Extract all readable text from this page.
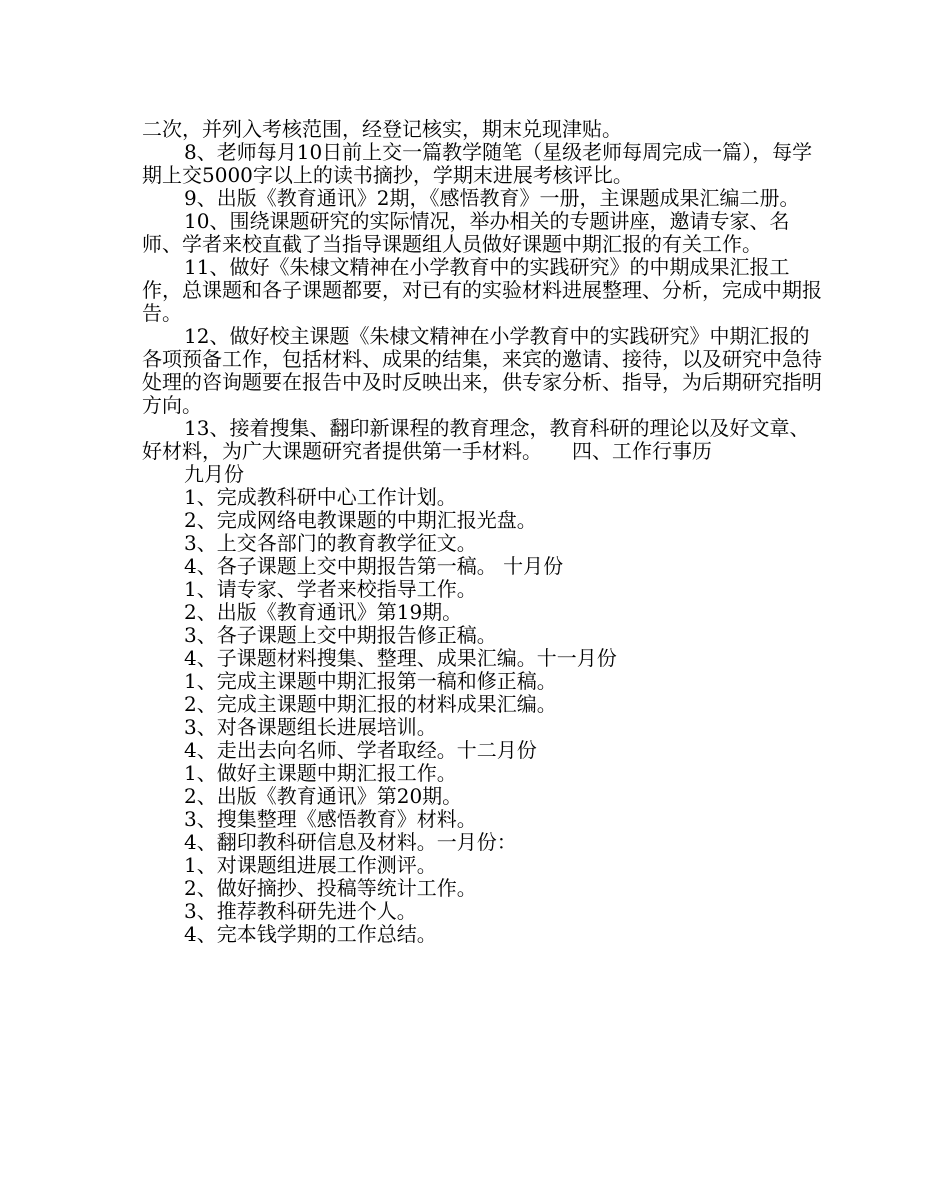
二次，并列入考核范围，经登记核实，期末兑现津贴。

8、老师每月10日前上交一篇教学随笔（星级老师每周完成一篇），每学期上交5000字以上的读书摘抄，学期末进展考核评比。

9、出版《教育通讯》2期，《感悟教育》一册，主课题成果汇编二册。

10、围绕课题研究的实际情况，举办相关的专题讲座，邀请专家、名师、学者来校直截了当指导课题组人员做好课题中期汇报的有关工作。

11、做好《朱棣文精神在小学教育中的实践研究》的中期成果汇报工作，总课题和各子课题都要，对已有的实验材料进展整理、分析，完成中期报告。

12、做好校主课题《朱棣文精神在小学教育中的实践研究》中期汇报的各项预备工作，包括材料、成果的结集，来宾的邀请、接待，以及研究中急待处理的咨询题要在报告中及时反映出来，供专家分析、指导，为后期研究指明方向。

13、接着搜集、翻印新课程的教育理念，教育科研的理论以及好文章、好材料，为广大课题研究者提供第一手材料。　　四、工作行事历

九月份

1、完成教科研中心工作计划。

2、完成网络电教课题的中期汇报光盘。

3、上交各部门的教育教学征文。

4、各子课题上交中期报告第一稿。 十月份

1、请专家、学者来校指导工作。

2、出版《教育通讯》第19期。

3、各子课题上交中期报告修正稿。

4、子课题材料搜集、整理、成果汇编。十一月份

1、完成主课题中期汇报第一稿和修正稿。

2、完成主课题中期汇报的材料成果汇编。

3、对各课题组长进展培训。

4、走出去向名师、学者取经。十二月份

1、做好主课题中期汇报工作。

2、出版《教育通讯》第20期。

3、搜集整理《感悟教育》材料。

4、翻印教科研信息及材料。一月份：

1、对课题组进展工作测评。

2、做好摘抄、投稿等统计工作。

3、推荐教科研先进个人。

4、完本钱学期的工作总结。
